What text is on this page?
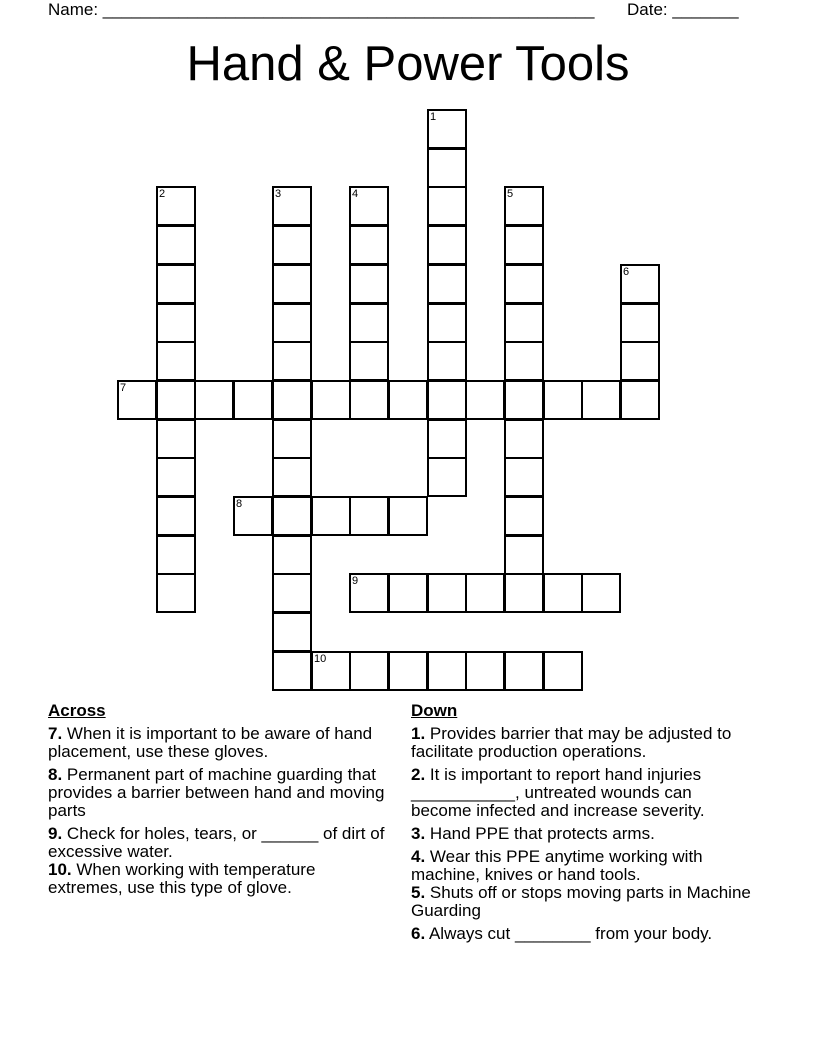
Name: ____________________________________________________ Date: _______
Hand & Power Tools
1
2	3	4	5
6
7
8
9
10
Across
7. When it is important to be aware of hand placement, use these gloves.
8. Permanent part of machine guarding that provides a barrier between hand and moving parts
9. Check for holes, tears, or ______ of dirt of excessive water.
10. When working with temperature extremes, use this type of glove.
Down
1. Provides barrier that may be adjusted to facilitate production operations.
2. It is important to report hand injuries ___________, untreated wounds can become infected and increase severity.
3. Hand PPE that protects arms.
4. Wear this PPE anytime working with machine, knives or hand tools.
5. Shuts off or stops moving parts in Machine Guarding
6. Always cut ________ from your body.
